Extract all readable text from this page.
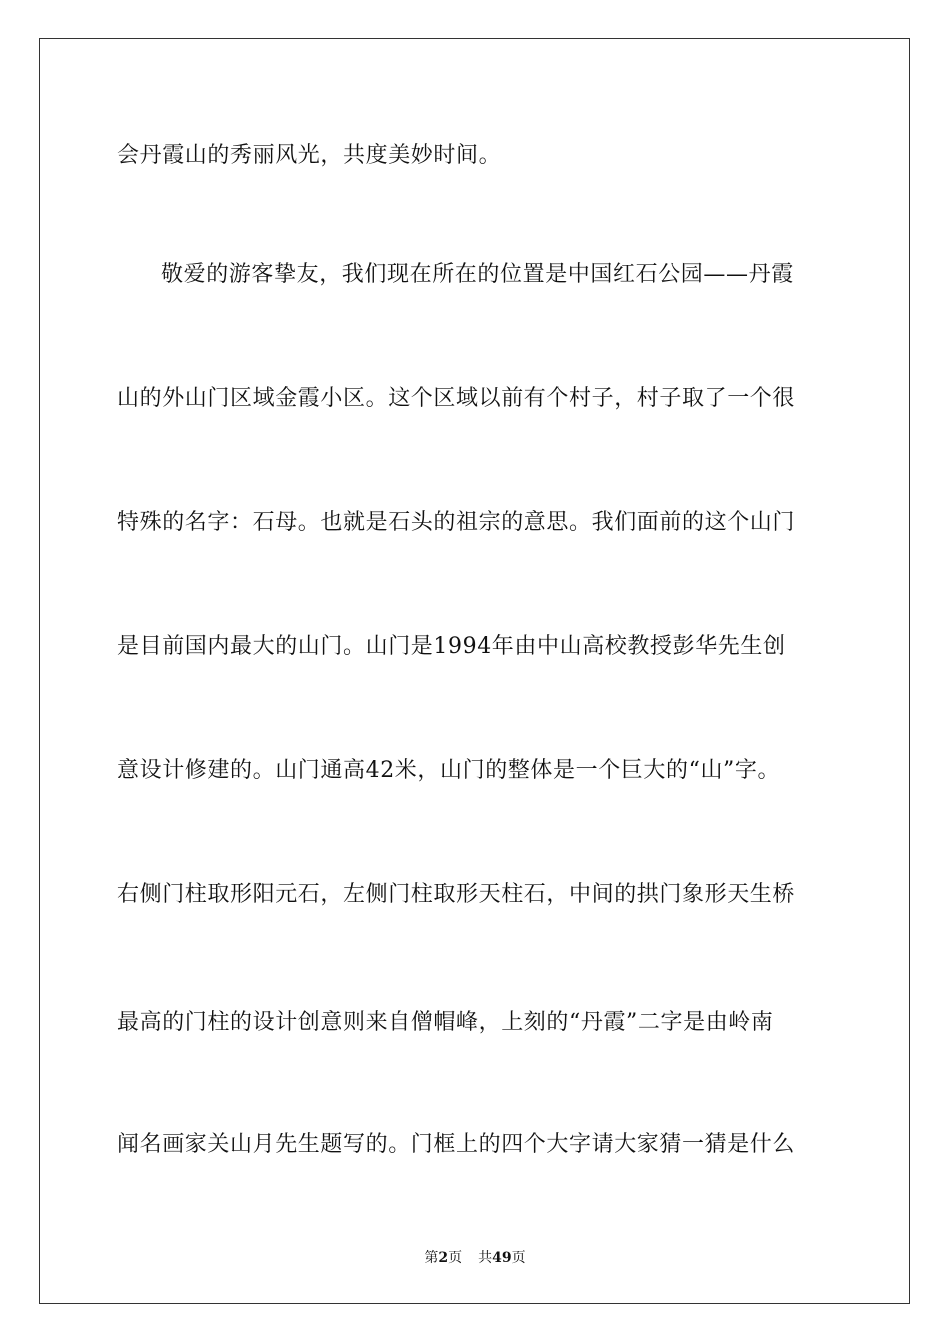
会丹霞山的秀丽风光，共度美妙时间。
敬爱的游客挚友，我们现在所在的位置是中国红石公园——丹霞
山的外山门区域金霞小区。这个区域以前有个村子，村子取了一个很
特殊的名字：石母。也就是石头的祖宗的意思。我们面前的这个山门
是目前国内最大的山门。山门是1994年由中山高校教授彭华先生创
意设计修建的。山门通高42米，山门的整体是一个巨大的“山”字。
右侧门柱取形阳元石，左侧门柱取形天柱石，中间的拱门象形天生桥
最高的门柱的设计创意则来自僧帽峰，上刻的“丹霞”二字是由岭南
闻名画家关山月先生题写的。门框上的四个大字请大家猜一猜是什么
第2页 共49页
